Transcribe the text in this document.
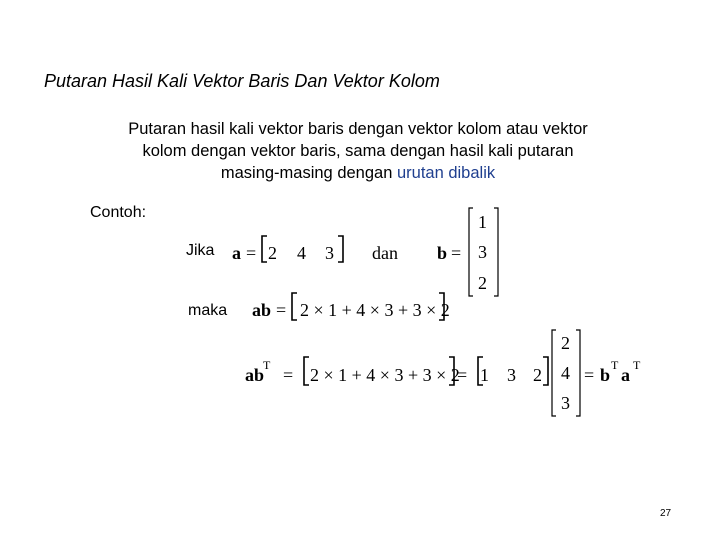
Putaran Hasil Kali Vektor Baris Dan Vektor Kolom
Putaran hasil kali vektor baris dengan vektor kolom atau vektor
kolom dengan vektor baris, sama dengan hasil kali putaran
masing-masing dengan urutan dibalik
Contoh:
Jika
maka
27
a = 2 4 3 dan b =
1
3
2
ab = 2 × 1 + 4 × 3 + 3 × 2
ab
T = 2 × 1 + 4 × 3 + 3 × 2
= 1 3 2
2
4
3
= b T a T
